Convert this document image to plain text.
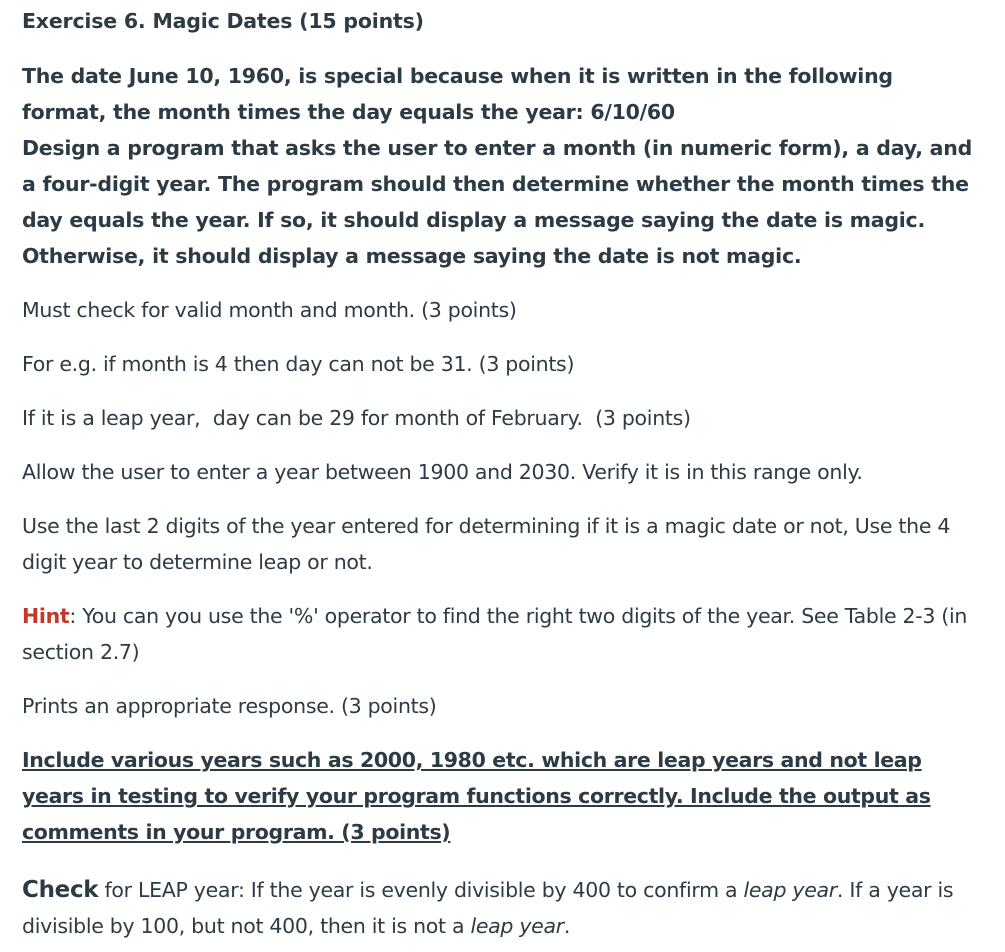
Exercise 6. Magic Dates (15 points)

The date June 10, 1960, is special because when it is written in the following format, the month times the day equals the year: 6/10/60
Design a program that asks the user to enter a month (in numeric form), a day, and a four-digit year. The program should then determine whether the month times the day equals the year. If so, it should display a message saying the date is magic. Otherwise, it should display a message saying the date is not magic.

Must check for valid month and month. (3 points)

For e.g. if month is 4 then day can not be 31. (3 points)

If it is a leap year,  day can be 29 for month of February.  (3 points)

Allow the user to enter a year between 1900 and 2030. Verify it is in this range only.

Use the last 2 digits of the year entered for determining if it is a magic date or not, Use the 4 digit year to determine leap or not.

Hint: You can you use the '%' operator to find the right two digits of the year. See Table 2-3 (in section 2.7)

Prints an appropriate response. (3 points)

Include various years such as 2000, 1980 etc. which are leap years and not leap years in testing to verify your program functions correctly. Include the output as comments in your program. (3 points)

Check for LEAP year: If the year is evenly divisible by 400 to confirm a leap year. If a year is divisible by 100, but not 400, then it is not a leap year.
